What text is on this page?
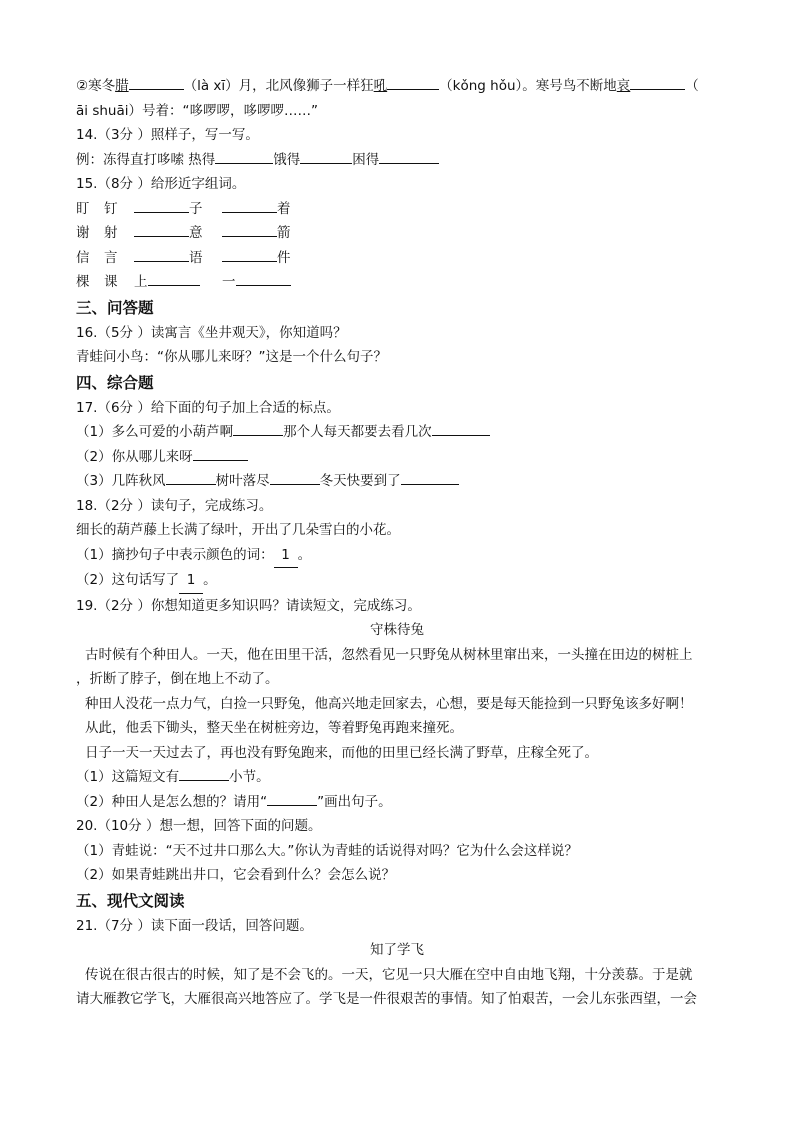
②寒冬腊	（là xī）月，北风像狮子一样狂吼	（kǒng hǒu）。寒号鸟不断地哀	（
āi shuāi）号着：“哆啰啰，哆啰啰……”
14.（3分 ）照样子，写一写。
例：冻得直打哆嗦 热得	饿得	困得
15.（8分 ）给形近字组词。
盯	钉	子	着
谢	射	意	箭
信	言	语	件
棵	课	上	一
三、问答题
16.（5分 ）读寓言《坐井观天》，你知道吗？
青蛙问小鸟：“你从哪儿来呀？”这是一个什么句子？
四、综合题
17.（6分 ）给下面的句子加上合适的标点。
（1）多么可爱的小葫芦啊	那个人每天都要去看几次
（2）你从哪儿来呀
（3）几阵秋风	树叶落尽	冬天快要到了
18.（2分 ）读句子，完成练习。
细长的葫芦藤上长满了绿叶，开出了几朵雪白的小花。
（1）摘抄句子中表示颜色的词： 1 。
（2）这句话写了 1 。
19.（2分 ）你想知道更多知识吗？请读短文，完成练习。
守株待兔
古时候有个种田人。一天，他在田里干活，忽然看见一只野兔从树林里窜出来，一头撞在田边的树桩上
，折断了脖子，倒在地上不动了。
种田人没花一点力气，白捡一只野兔，他高兴地走回家去，心想，要是每天能捡到一只野兔该多好啊！
从此，他丢下锄头，整天坐在树桩旁边，等着野兔再跑来撞死。
日子一天一天过去了，再也没有野兔跑来，而他的田里已经长满了野草，庄稼全死了。
（1）这篇短文有	小节。
（2）种田人是怎么想的？请用“	”画出句子。
20.（10分 ）想一想，回答下面的问题。
（1）青蛙说：“天不过井口那么大。”你认为青蛙的话说得对吗？它为什么会这样说？
（2）如果青蛙跳出井口，它会看到什么？会怎么说？
五、现代文阅读
21.（7分 ）读下面一段话，回答问题。
知了学飞
传说在很古很古的时候，知了是不会飞的。一天，它见一只大雁在空中自由地飞翔，十分羡慕。于是就
请大雁教它学飞，大雁很高兴地答应了。学飞是一件很艰苦的事情。知了怕艰苦，一会儿东张西望，一会
